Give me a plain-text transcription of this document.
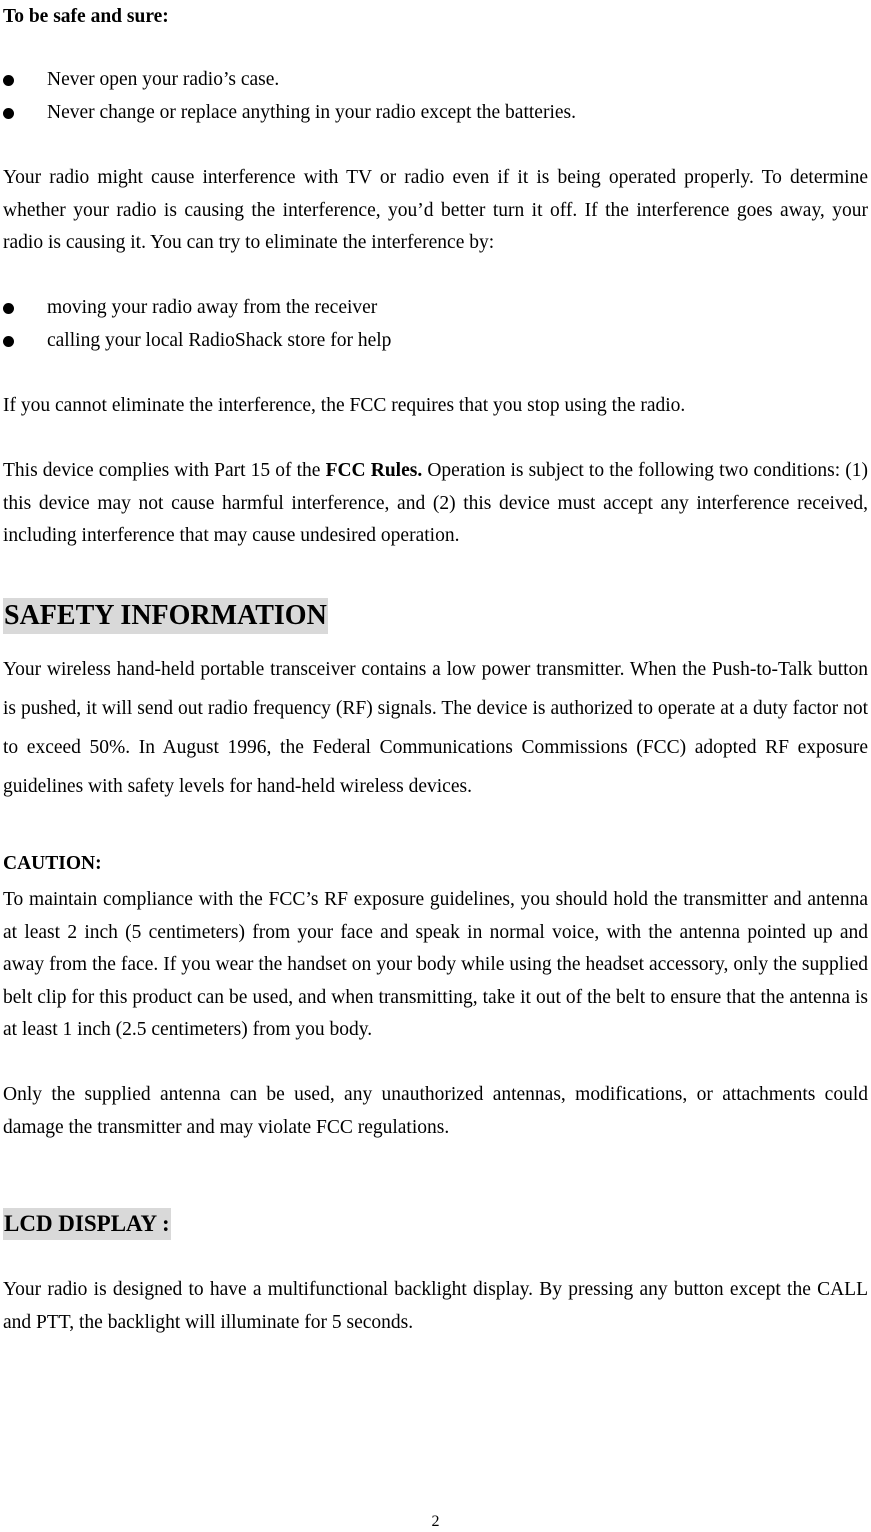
To be safe and sure:

Never open your radio’s case.
Never change or replace anything in your radio except the batteries.

Your radio might cause interference with TV or radio even if it is being operated properly. To determine whether your radio is causing the interference, you’d better turn it off. If the interference goes away, your radio is causing it. You can try to eliminate the interference by:

moving your radio away from the receiver
calling your local RadioShack store for help

If you cannot eliminate the interference, the FCC requires that you stop using the radio.

This device complies with Part 15 of the FCC Rules. Operation is subject to the following two conditions: (1) this device may not cause harmful interference, and (2) this device must accept any interference received, including interference that may cause undesired operation.

SAFETY INFORMATION

Your wireless hand-held portable transceiver contains a low power transmitter. When the Push-to-Talk button is pushed, it will send out radio frequency (RF) signals. The device is authorized to operate at a duty factor not to exceed 50%. In August 1996, the Federal Communications Commissions (FCC) adopted RF exposure guidelines with safety levels for hand-held wireless devices.

CAUTION:

To maintain compliance with the FCC’s RF exposure guidelines, you should hold the transmitter and antenna at least 2 inch (5 centimeters) from your face and speak in normal voice, with the antenna pointed up and away from the face. If you wear the handset on your body while using the headset accessory, only the supplied belt clip for this product can be used, and when transmitting, take it out of the belt to ensure that the antenna is at least 1 inch (2.5 centimeters) from you body.

Only the supplied antenna can be used, any unauthorized antennas, modifications, or attachments could damage the transmitter and may violate FCC regulations.

LCD DISPLAY :

Your radio is designed to have a multifunctional backlight display. By pressing any button except the CALL and PTT, the backlight will illuminate for 5 seconds.

2
